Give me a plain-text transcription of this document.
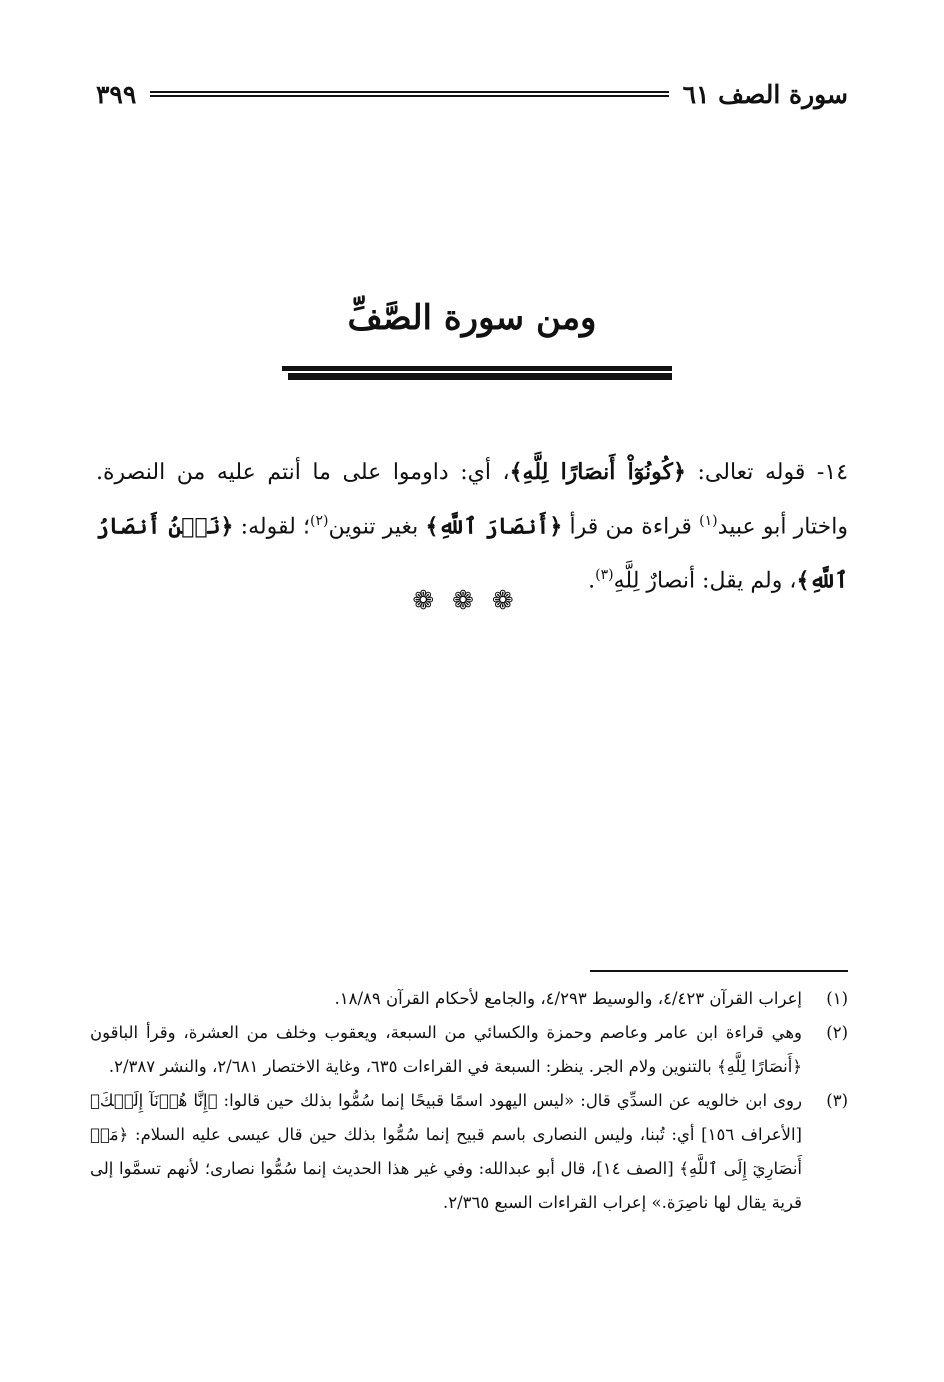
سورة الصف ٦١
٣٩٩
ومن سورة الصَّفِّ
١٤- قوله تعالى: ﴿كُونُوٓاْ أَنصَارًا لِلَّهِ﴾، أي: داوموا على ما أنتم عليه من النصرة. واختار أبو عبيد$^{(١)}$ قراءة من قرأ ﴿أَنصَارَ ٱللَّهِ﴾ بغير تنوين$^{(٢)}$؛ لقوله: ﴿نَحۡنُ أَنصَارُ ٱللَّهِ﴾، ولم يقل: أنصارٌ لِلَّهِ$^{(٣)}$.
❁❁❁
(١)
إعراب القرآن ٤/٤٢٣، والوسيط ٤/٢٩٣، والجامع لأحكام القرآن ١٨/٨٩.
(٢)
وهي قراءة ابن عامر وعاصم وحمزة والكسائي من السبعة، ويعقوب وخلف من العشرة، وقرأ الباقون ﴿أَنصَارًا لِلَّهِ﴾ بالتنوين ولام الجر. ينظر: السبعة في القراءات ٦٣٥، وغاية الاختصار ٢/٦٨١، والنشر ٢/٣٨٧.
(٣)
روى ابن خالويه عن السدِّي قال: «ليس اليهود اسمًا قبيحًا إنما سُمُّوا بذلك حين قالوا: ﴿إِنَّا هُدۡنَآ إِلَيۡكَ﴾ [الأعراف ١٥٦] أي: تُبنا، وليس النصارى باسم قبيح إنما سُمُّوا بذلك حين قال عيسى عليه السلام: ﴿مَنۡ أَنصَارِيٓ إِلَى ٱللَّهِ﴾ [الصف ١٤]، قال أبو عبدالله: وفي غير هذا الحديث إنما سُمُّوا نصارى؛ لأنهم تسمَّوا إلى قرية يقال لها ناصِرَة.» إعراب القراءات السبع ٢/٣٦٥.
